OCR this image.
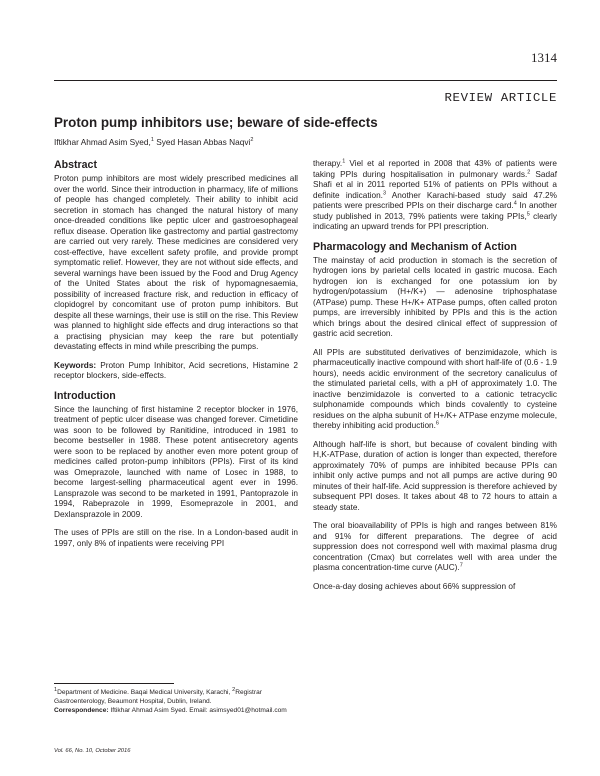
1314
REVIEW ARTICLE
Proton pump inhibitors use; beware of side-effects
Iftikhar Ahmad Asim Syed,$^1$ Syed Hasan Abbas Naqvi$^2$
Abstract

Proton pump inhibitors are most widely prescribed medicines all over the world. Since their introduction in pharmacy, life of millions of people has changed completely. Their ability to inhibit acid secretion in stomach has changed the natural history of many once-dreaded conditions like peptic ulcer and gastroesophageal reflux disease. Operation like gastrectomy and partial gastrectomy are carried out very rarely. These medicines are considered very cost-effective, have excellent safety profile, and provide prompt symptomatic relief. However, they are not without side effects, and several warnings have been issued by the Food and Drug Agency of the United States about the risk of hypomagnesaemia, possibility of increased fracture risk, and reduction in efficacy of clopidogrel by concomitant use of proton pump inhibitors. But despite all these warnings, their use is still on the rise. This Review was planned to highlight side effects and drug interactions so that a practising physician may keep the rare but potentially devastating effects in mind while prescribing the pumps.

Keywords: Proton Pump Inhibitor, Acid secretions, Histamine 2 receptor blockers, side-effects.

Introduction

Since the launching of first histamine 2 receptor blocker in 1976, treatment of peptic ulcer disease was changed forever. Cimetidine was soon to be followed by Ranitidine, introduced in 1981 to become bestseller in 1988. These potent antisecretory agents were soon to be replaced by another even more potent group of medicines called proton-pump inhibitors (PPIs). First of its kind was Omeprazole, launched with name of Losec in 1988, to become largest-selling pharmaceutical agent ever in 1996. Lansprazole was second to be marketed in 1991, Pantoprazole in 1994, Rabeprazole in 1999, Esomeprazole in 2001, and Dexlansprazole in 2009.

The uses of PPIs are still on the rise. In a London-based audit in 1997, only 8% of inpatients were receiving PPI

therapy.$^1$ Viel et al reported in 2008 that 43% of patients were taking PPIs during hospitalisation in pulmonary wards.$^2$ Sadaf Shafi et al in 2011 reported 51% of patients on PPIs without a definite indication.$^3$ Another Karachi-based study said 47.2% patients were prescribed PPIs on their discharge card.$^4$ In another study published in 2013, 79% patients were taking PPIs,$^5$ clearly indicating an upward trends for PPI prescription.

Pharmacology and Mechanism of Action

The mainstay of acid production in stomach is the secretion of hydrogen ions by parietal cells located in gastric mucosa. Each hydrogen ion is exchanged for one potassium ion by hydrogen/potassium (H+/K+) — adenosine triphosphatase (ATPase) pump. These H+/K+ ATPase pumps, often called proton pumps, are irreversibly inhibited by PPIs and this is the action which brings about the desired clinical effect of suppression of gastric acid secretion.

All PPIs are substituted derivatives of benzimidazole, which is pharmaceutically inactive compound with short half-life of (0.6 - 1.9 hours), needs acidic environment of the secretory canaliculus of the stimulated parietal cells, with a pH of approximately 1.0. The inactive benzimidazole is converted to a cationic tetracyclic sulphonamide compounds which binds covalently to cysteine residues on the alpha subunit of H+/K+ ATPase enzyme molecule, thereby inhibiting acid production.$^6$

Although half-life is short, but because of covalent binding with H,K-ATPase, duration of action is longer than expected, therefore approximately 70% of pumps are inhibited because PPIs can inhibit only active pumps and not all pumps are active during 90 minutes of their half-life. Acid suppression is therefore achieved by subsequent PPI doses. It takes about 48 to 72 hours to attain a steady state.

The oral bioavailability of PPIs is high and ranges between 81% and 91% for different preparations. The degree of acid suppression does not correspond well with maximal plasma drug concentration (Cmax) but correlates well with area under the plasma concentration-time curve (AUC).$^7$

Once-a-day dosing achieves about 66% suppression of

$^1$Department of Medicine. Baqai Medical University, Karachi, $^2$Registrar Gastroenterology, Beaumont Hospital, Dublin, Ireland.

Correspondence: Iftikhar Ahmad Asim Syed. Email: asimsyed01@hotmail.com

Vol. 66, No. 10, October 2016
